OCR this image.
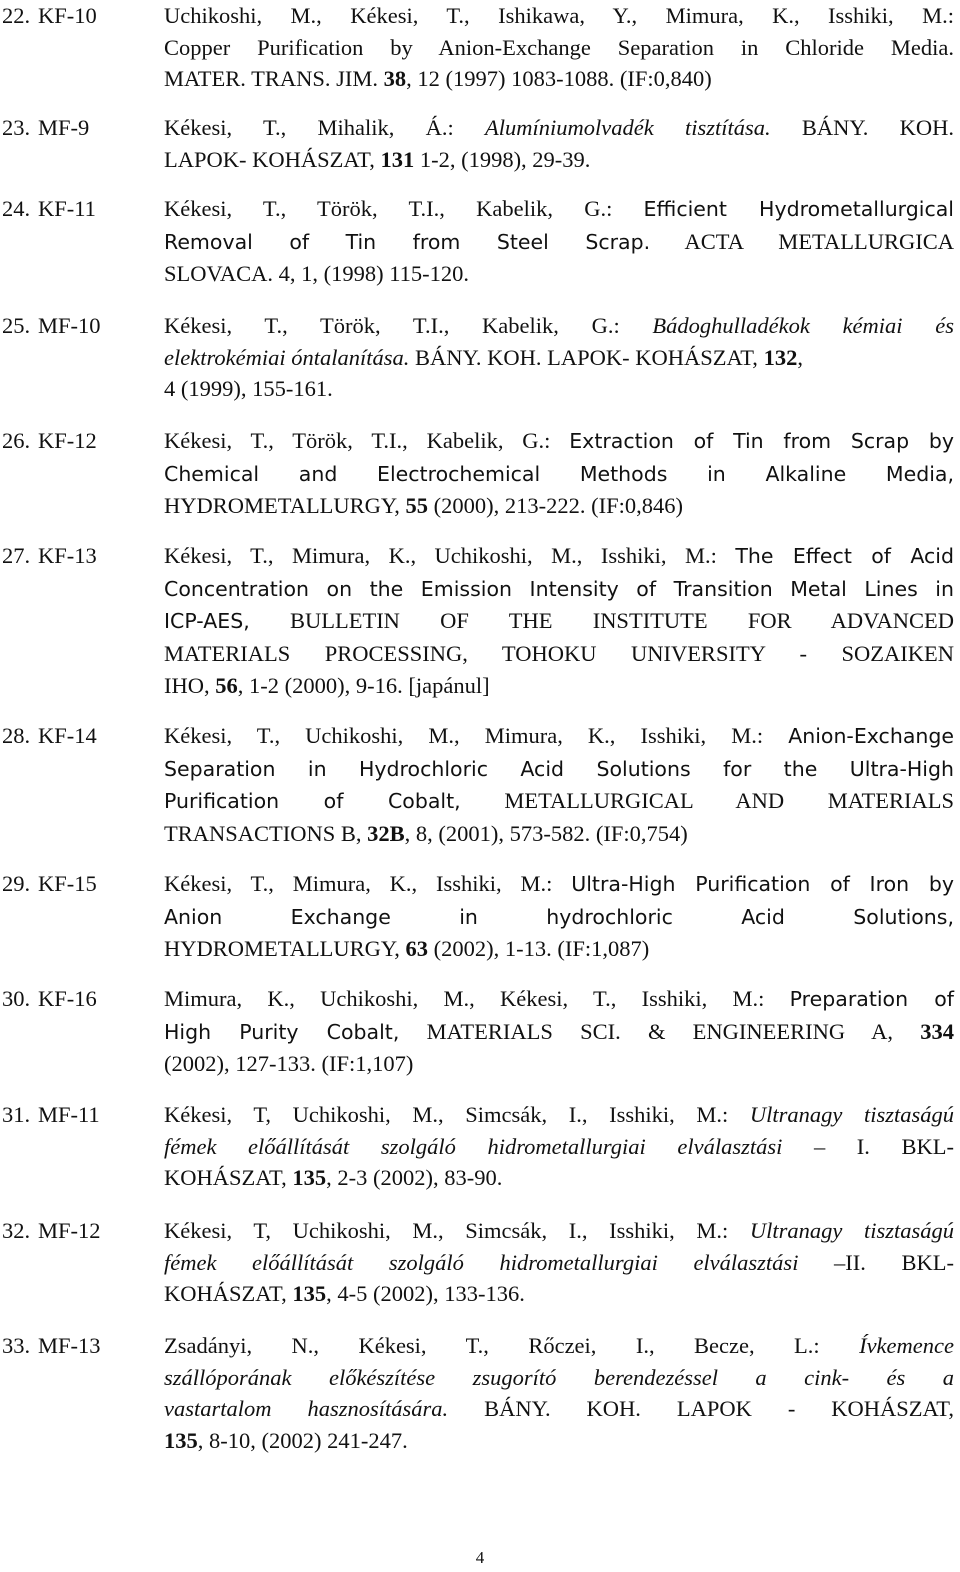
22. KF-10	Uchikoshi, M., Kékesi, T., Ishikawa, Y., Mimura, K., Isshiki, M.:
Copper Purification by Anion-Exchange Separation in Chloride Media.
MATER. TRANS. JIM. 38, 12 (1997) 1083-1088. (IF:0,840)
23. MF-9	Kékesi, T., Mihalik, Á.: Alumíniumolvadék tisztítása. BÁNY. KOH.
LAPOK- KOHÁSZAT, 131 1-2, (1998), 29-39.
24. KF-11	Kékesi, T., Török, T.I., Kabelik, G.: Efficient Hydrometallurgical
Removal of Tin from Steel Scrap. ACTA METALLURGICA
SLOVACA. 4, 1, (1998) 115-120.
25. MF-10	Kékesi, T., Török, T.I., Kabelik, G.: Bádoghulladékok kémiai és
elektrokémiai óntalanítása. BÁNY. KOH. LAPOK- KOHÁSZAT, 132,
4 (1999), 155-161.
26. KF-12	Kékesi, T., Török, T.I., Kabelik, G.: Extraction of Tin from Scrap by
Chemical and Electrochemical Methods in Alkaline Media,
HYDROMETALLURGY, 55 (2000), 213-222. (IF:0,846)
27. KF-13	Kékesi, T., Mimura, K., Uchikoshi, M., Isshiki, M.: The Effect of Acid
Concentration on the Emission Intensity of Transition Metal Lines in
ICP-AES, BULLETIN OF THE INSTITUTE FOR ADVANCED
MATERIALS PROCESSING, TOHOKU UNIVERSITY - SOZAIKEN
IHO, 56, 1-2 (2000), 9-16. [japánul]
28. KF-14	Kékesi, T., Uchikoshi, M., Mimura, K., Isshiki, M.: Anion-Exchange
Separation in Hydrochloric Acid Solutions for the Ultra-High
Purification of Cobalt, METALLURGICAL AND MATERIALS
TRANSACTIONS B, 32B, 8, (2001), 573-582. (IF:0,754)
29. KF-15	Kékesi, T., Mimura, K., Isshiki, M.: Ultra-High Purification of Iron by
Anion Exchange in hydrochloric Acid Solutions,
HYDROMETALLURGY, 63 (2002), 1-13. (IF:1,087)
30. KF-16	Mimura, K., Uchikoshi, M., Kékesi, T., Isshiki, M.: Preparation of
High Purity Cobalt, MATERIALS SCI. & ENGINEERING A, 334
(2002), 127-133. (IF:1,107)
31. MF-11	Kékesi, T, Uchikoshi, M., Simcsák, I., Isshiki, M.: Ultranagy tisztaságú
fémek előállítását szolgáló hidrometallurgiai elválasztási – I. BKL-
KOHÁSZAT, 135, 2-3 (2002), 83-90.
32. MF-12	Kékesi, T, Uchikoshi, M., Simcsák, I., Isshiki, M.: Ultranagy tisztaságú
fémek előállítását szolgáló hidrometallurgiai elválasztási –II. BKL-
KOHÁSZAT, 135, 4-5 (2002), 133-136.
33. MF-13	Zsadányi, N., Kékesi, T., Rőczei, I., Becze, L.: Ívkemence
szállóporának előkészítése zsugorító berendezéssel a cink- és a
vastartalom hasznosítására. BÁNY. KOH. LAPOK - KOHÁSZAT,
135, 8-10, (2002) 241-247.
4
